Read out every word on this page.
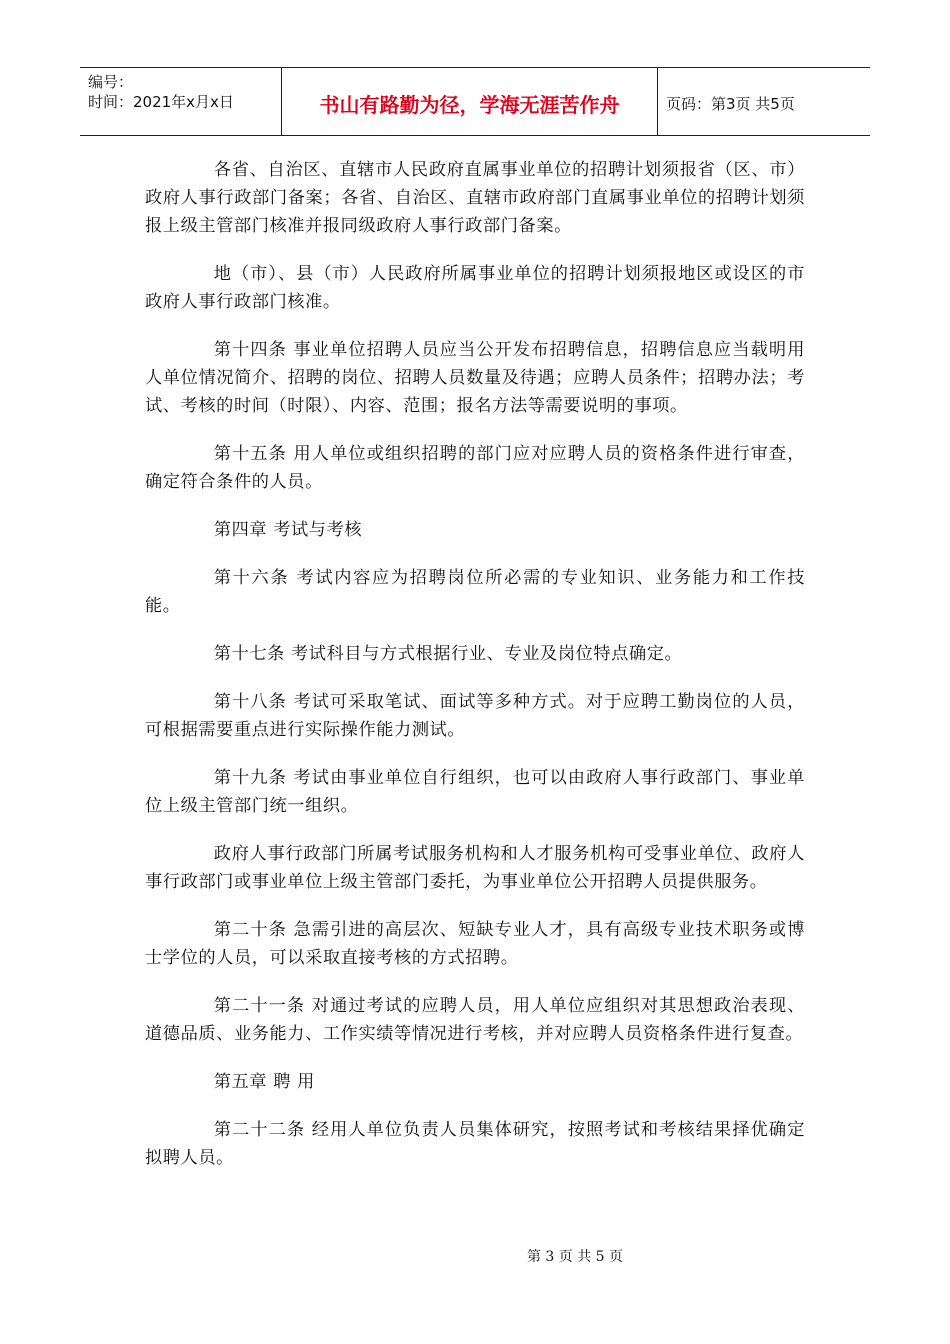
编号：
时间：2021年x月x日	书山有路勤为径，学海无涯苦作舟	页码：第3页 共5页

各省、自治区、直辖市人民政府直属事业单位的招聘计划须报省（区、市）政府人事行政部门备案；各省、自治区、直辖市政府部门直属事业单位的招聘计划须报上级主管部门核准并报同级政府人事行政部门备案。

地（市）、县（市）人民政府所属事业单位的招聘计划须报地区或设区的市政府人事行政部门核准。

第十四条 事业单位招聘人员应当公开发布招聘信息，招聘信息应当载明用人单位情况简介、招聘的岗位、招聘人员数量及待遇；应聘人员条件；招聘办法；考试、考核的时间（时限）、内容、范围；报名方法等需要说明的事项。

第十五条 用人单位或组织招聘的部门应对应聘人员的资格条件进行审查，确定符合条件的人员。

第四章 考试与考核

第十六条 考试内容应为招聘岗位所必需的专业知识、业务能力和工作技能。

第十七条 考试科目与方式根据行业、专业及岗位特点确定。

第十八条 考试可采取笔试、面试等多种方式。对于应聘工勤岗位的人员，可根据需要重点进行实际操作能力测试。

第十九条 考试由事业单位自行组织，也可以由政府人事行政部门、事业单位上级主管部门统一组织。

政府人事行政部门所属考试服务机构和人才服务机构可受事业单位、政府人事行政部门或事业单位上级主管部门委托，为事业单位公开招聘人员提供服务。

第二十条 急需引进的高层次、短缺专业人才，具有高级专业技术职务或博士学位的人员，可以采取直接考核的方式招聘。

第二十一条 对通过考试的应聘人员，用人单位应组织对其思想政治表现、道德品质、业务能力、工作实绩等情况进行考核，并对应聘人员资格条件进行复查。

第五章 聘 用

第二十二条 经用人单位负责人员集体研究，按照考试和考核结果择优确定拟聘人员。

第 3 页 共 5 页
